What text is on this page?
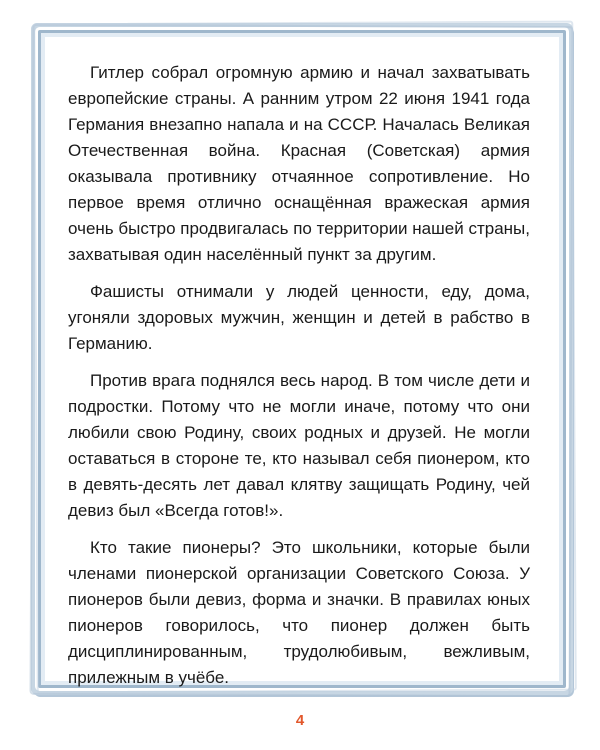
Гитлер собрал огромную армию и начал захватывать европейские страны. А ранним утром 22 июня 1941 года Германия внезапно напала и на СССР. Началась Великая Отечественная война. Красная (Советская) армия оказывала противнику отчаянное сопротивление. Но первое время отлично оснащённая вражеская армия очень быстро продвигалась по территории нашей страны, захватывая один населённый пункт за другим.

Фашисты отнимали у людей ценности, еду, дома, угоняли здоровых мужчин, женщин и детей в рабство в Германию.

Против врага поднялся весь народ. В том числе дети и подростки. Потому что не могли иначе, потому что они любили свою Родину, своих родных и друзей. Не могли оставаться в стороне те, кто называл себя пионером, кто в девять-десять лет давал клятву защищать Родину, чей девиз был «Всегда готов!».

Кто такие пионеры? Это школьники, которые были членами пионерской организации Советского Союза. У пионеров были девиз, форма и значки. В правилах юных пионеров говорилось, что пионер должен быть дисциплинированным, трудолюбивым, вежливым, прилежным в учёбе.

4
